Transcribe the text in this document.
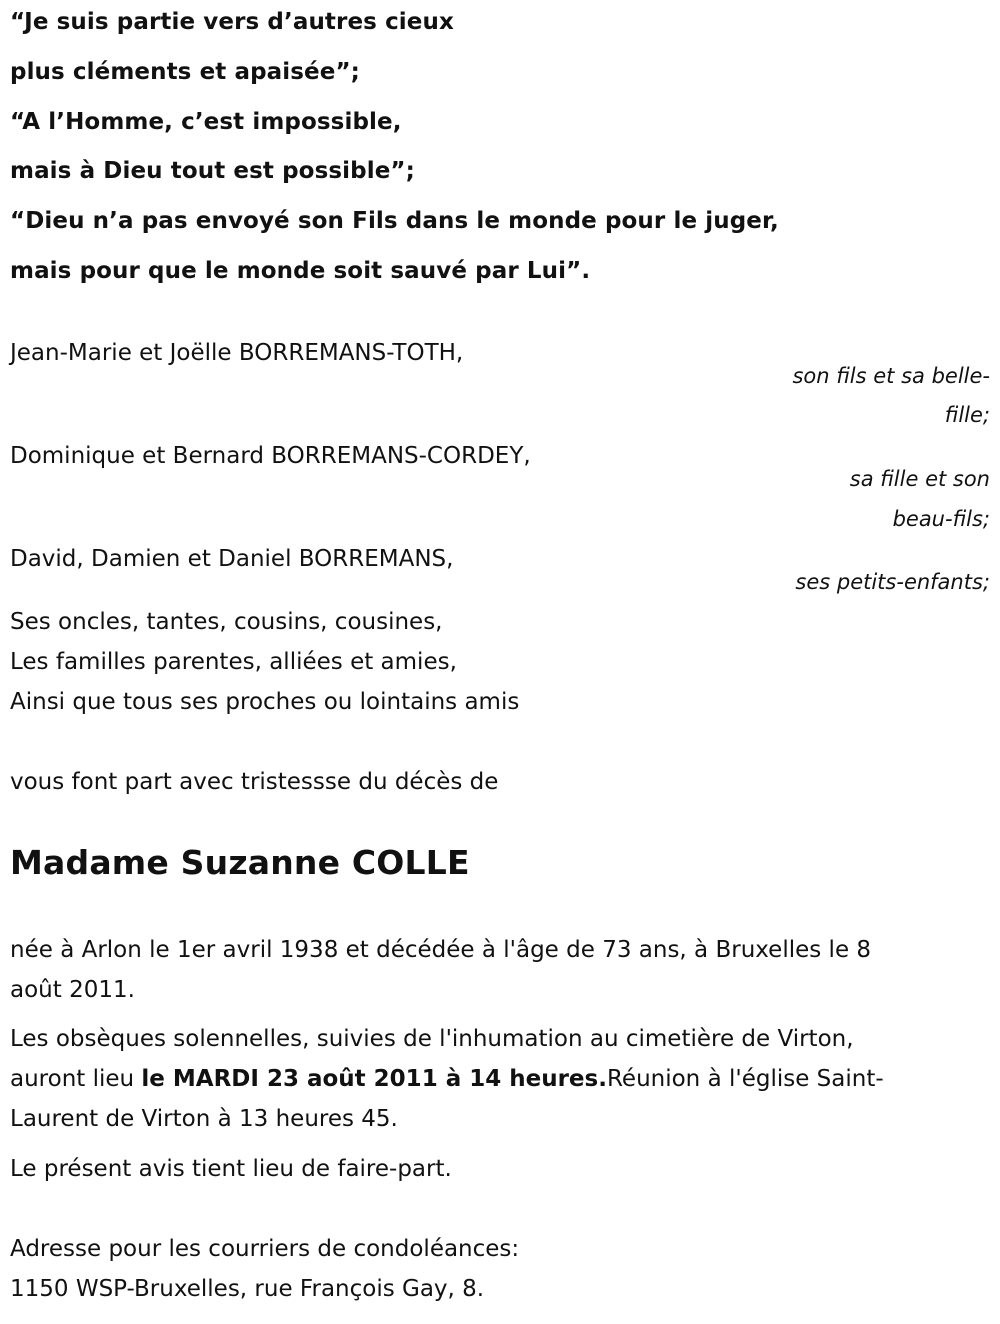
“Je suis partie vers d’autres cieux
plus cléments et apaisée”;
“A l’Homme, c’est impossible,
mais à Dieu tout est possible”;
“Dieu n’a pas envoyé son Fils dans le monde pour le juger,
mais pour que le monde soit sauvé par Lui”.
Jean-Marie et Joëlle BORREMANS-TOTH,
son fils et sa belle-
fille;
Dominique et Bernard BORREMANS-CORDEY,
sa fille et son
beau-fils;
David, Damien et Daniel BORREMANS,
ses petits-enfants;
Ses oncles, tantes, cousins, cousines,
Les familles parentes, alliées et amies,
Ainsi que tous ses proches ou lointains amis
vous font part avec tristessse du décès de
Madame Suzanne COLLE
née à Arlon le 1er avril 1938 et décédée à l'âge de 73 ans, à Bruxelles le 8
août 2011.
Les obsèques solennelles, suivies de l'inhumation au cimetière de Virton,
auront lieu le MARDI 23 août 2011 à 14 heures.Réunion à l'église Saint-
Laurent de Virton à 13 heures 45.
Le présent avis tient lieu de faire-part.
Adresse pour les courriers de condoléances:
1150 WSP-Bruxelles, rue François Gay, 8.
